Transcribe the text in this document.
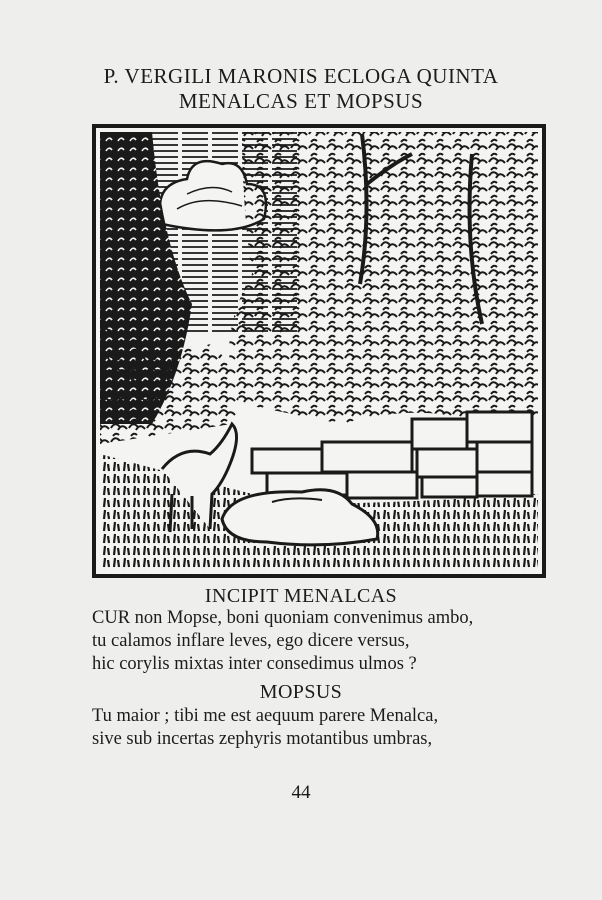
P. VERGILI MARONIS ECLOGA QUINTA
MENALCAS ET MOPSUS
INCIPIT MENALCAS
CUR non Mopse, boni quoniam convenimus ambo,
tu calamos inflare leves, ego dicere versus,
hic corylis mixtas inter consedimus ulmos ?
MOPSUS
Tu maior ; tibi me est aequum parere Menalca,
sive sub incertas zephyris motantibus umbras,
44
